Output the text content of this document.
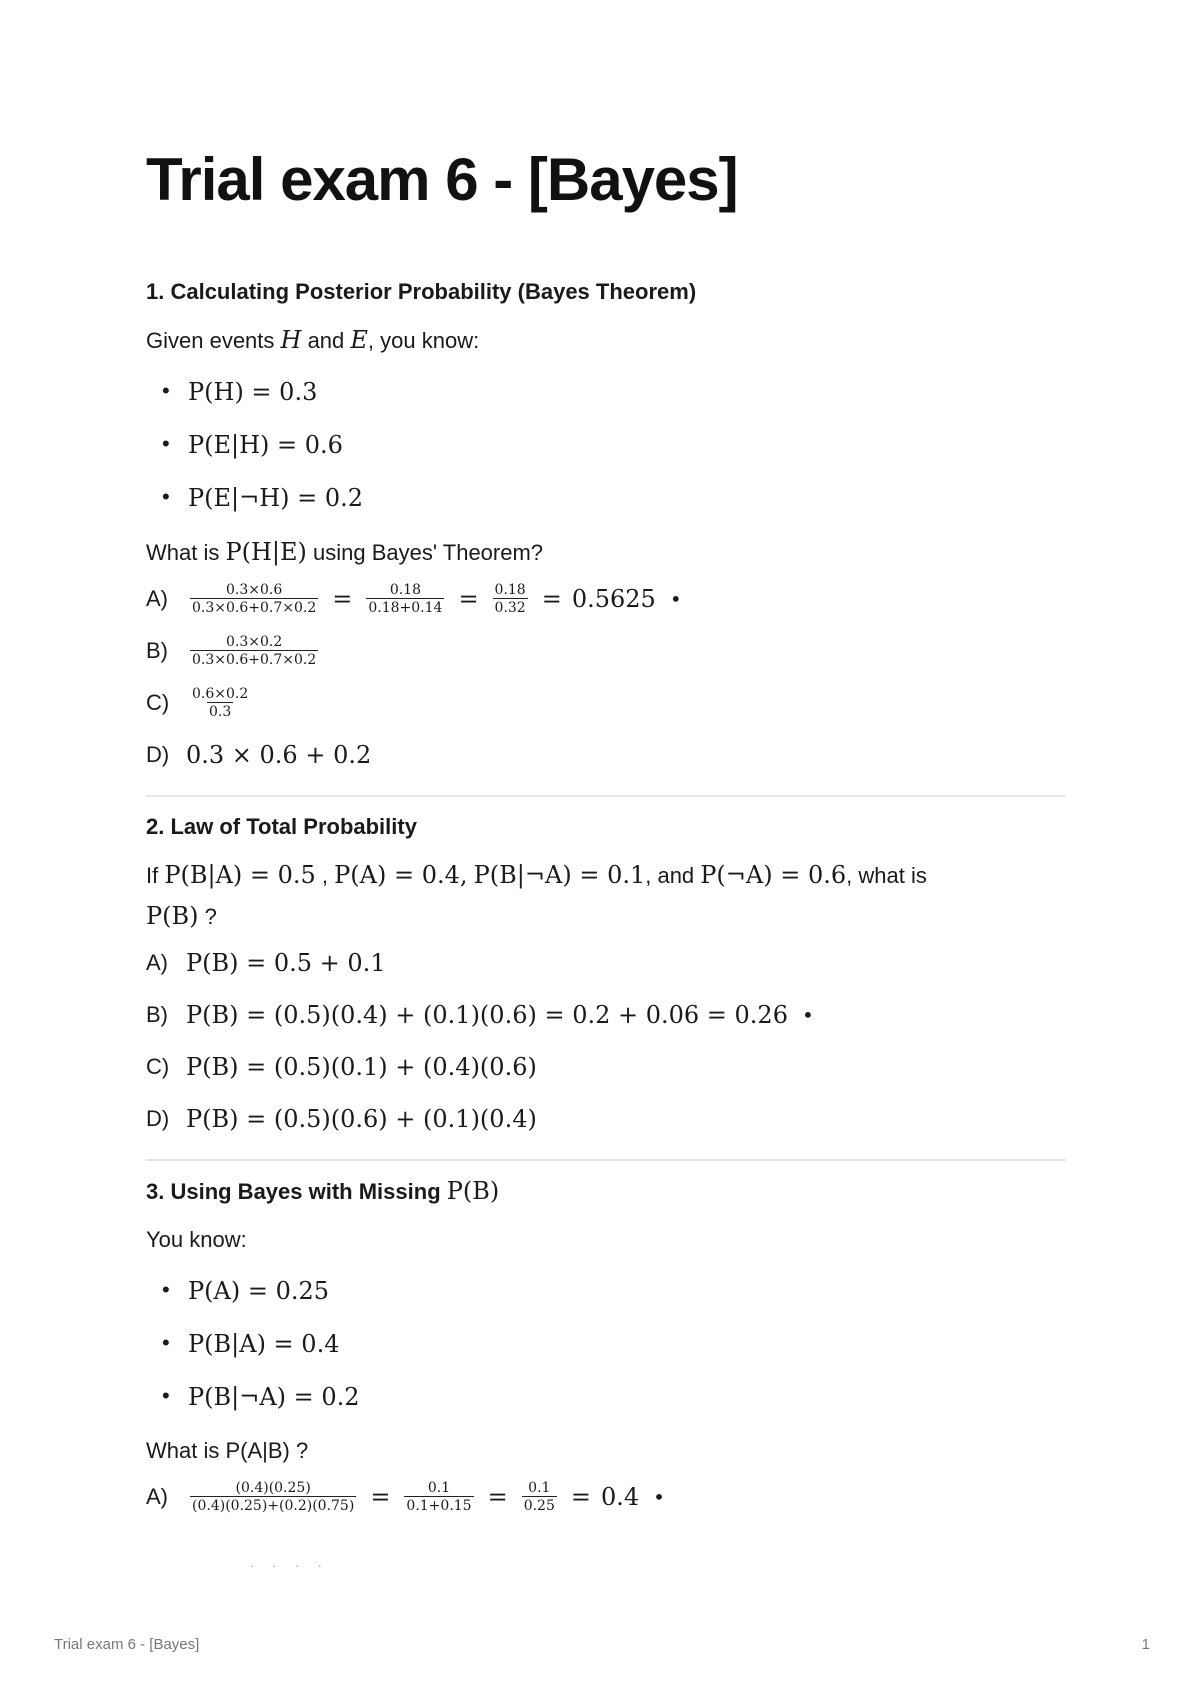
Trial exam 6 - [Bayes]
1. Calculating Posterior Probability (Bayes Theorem)

Given events H and E, you know:

• P(H) = 0.3
• P(E|H) = 0.6
• P(E|¬H) = 0.2

What is P(H|E) using Bayes' Theorem?

A)	$\frac{0.3\times 0.6}{0.3\times 0.6+0.7\times 0.2} = \frac{0.18}{0.18+0.14} = \frac{0.18}{0.32} = 0.5625$ •
B)	$\frac{0.3\times 0.2}{0.3\times 0.6+0.7\times 0.2}$
C)	$\frac{0.6\times 0.2}{0.3}$
D) 0.3 × 0.6 + 0.2
2. Law of Total Probability

If P(B|A) = 0.5 , P(A) = 0.4, P(B|¬A) = 0.1, and P(¬A) = 0.6, what is
P(B) ?

A) P(B) = 0.5 + 0.1
B) P(B) = (0.5)(0.4) + (0.1)(0.6) = 0.2 + 0.06 = 0.26 •
C) P(B) = (0.5)(0.1) + (0.4)(0.6)
D) P(B) = (0.5)(0.6) + (0.1)(0.4)
3. Using Bayes with Missing P(B)

You know:

• P(A) = 0.25
• P(B|A) = 0.4
• P(B|¬A) = 0.2

What is P(A|B) ?

A)	$\frac{(0.4)(0.25)}{(0.4)(0.25)+(0.2)(0.75)} = \frac{0.1}{0.1+0.15} = \frac{0.1}{0.25} = 0.4$ •
. . . .
Trial exam 6 - [Bayes]	1
